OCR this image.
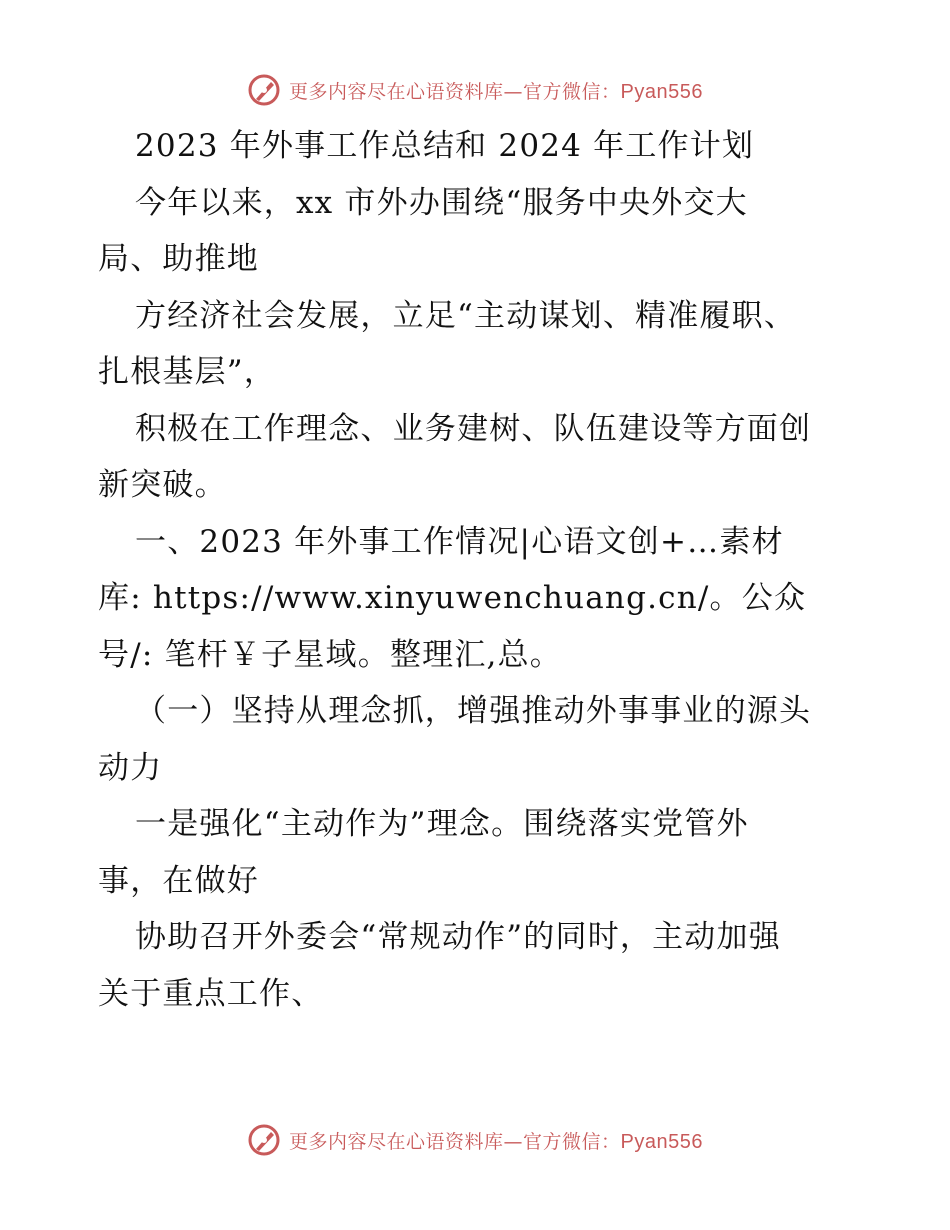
更多内容尽在心语资料库—官方微信：Pyan556
2023 年外事工作总结和 2024 年工作计划
今年以来，xx 市外办围绕“服务中央外交大
局、助推地
方经济社会发展，立足“主动谋划、精准履职、
扎根基层”，
积极在工作理念、业务建树、队伍建设等方面创
新突破。
一、2023 年外事工作情况|心语文创+…素材
库: https://www.xinyuwenchuang.cn/。公众
号/: 笔杆￥子星域。整理汇,总。
（一）坚持从理念抓，增强推动外事事业的源头
动力
一是强化“主动作为”理念。围绕落实党管外
事，在做好
协助召开外委会“常规动作”的同时，主动加强
关于重点工作、
更多内容尽在心语资料库—官方微信：Pyan556
